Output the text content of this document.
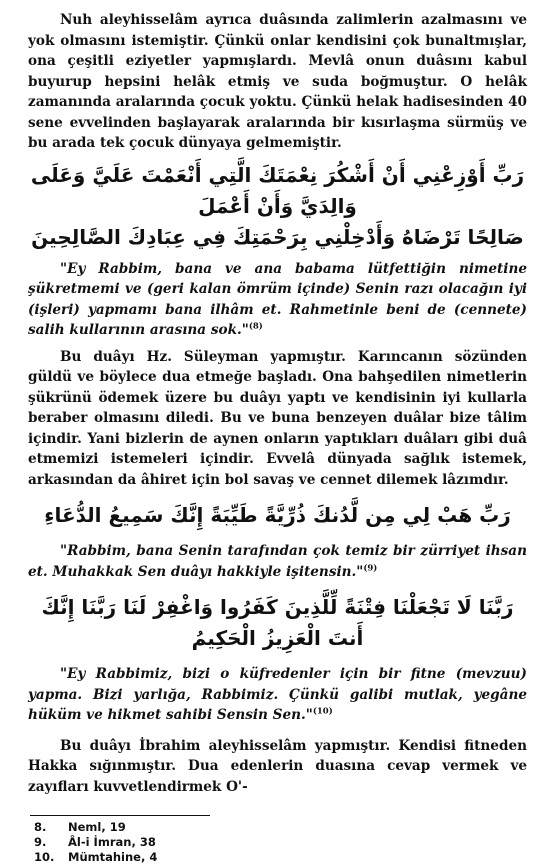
Nuh aleyhisselâm ayrıca duâsında zalimlerin azalmasını ve yok olmasını istemiştir. Çünkü onlar kendisini çok bunaltmışlar, ona çeşitli eziyetler yapmışlardı. Mevlâ onun duâsını kabul buyurup hepsini helâk etmiş ve suda boğmuştur. O helâk zamanında aralarında çocuk yoktu. Çünkü helak hadisesinden 40 sene evvelinden başlayarak aralarında bir kısırlaşma sürmüş ve bu arada tek çocuk dünyaya gelmemiştir.

رَبِّ أَوْزِعْنِي أَنْ أَشْكُرَ نِعْمَتَكَ الَّتِي أَنْعَمْتَ عَلَيَّ وَعَلَى وَالِدَيَّ وَأَنْ أَعْمَلَ

صَالِحًا تَرْضَاهُ وَأَدْخِلْنِي بِرَحْمَتِكَ فِي عِبَادِكَ الصَّالِحِينَ

"Ey Rabbim, bana ve ana babama lütfettiğin nimetine şükretmemi ve (geri kalan ömrüm içinde) Senin razı olacağın iyi (işleri) yapmamı bana ilhâm et. Rahmetinle beni de (cennete) salih kullarının arasına sok."$^{(8)}$

Bu duâyı Hz. Süleyman yapmıştır. Karıncanın sözünden güldü ve böylece dua etmeğe başladı. Ona bahşedilen nimetlerin şükrünü ödemek üzere bu duâyı yaptı ve kendisinin iyi kullarla beraber olmasını diledi. Bu ve buna benzeyen duâlar bize tâlim içindir. Yani bizlerin de aynen onların yaptıkları duâları gibi duâ etmemizi istemeleri içindir. Evvelâ dünyada sağlık istemek, arkasından da âhiret için bol savaş ve cennet dilemek lâzımdır.

رَبِّ هَبْ لِي مِن لَّدُنكَ ذُرِّيَّةً طَيِّبَةً إِنَّكَ سَمِيعُ الدُّعَاءِ

"Rabbim, bana Senin tarafından çok temiz bir zürriyet ihsan et. Muhakkak Sen duâyı hakkiyle işitensin."$^{(9)}$

رَبَّنَا لَا تَجْعَلْنَا فِتْنَةً لِّلَّذِينَ كَفَرُوا وَاغْفِرْ لَنَا رَبَّنَا إِنَّكَ أَنتَ الْعَزِيزُ الْحَكِيمُ

"Ey Rabbimiz, bizi o küfredenler için bir fitne (mevzuu) yapma. Bizi yarlığa, Rabbimiz. Çünkü galibi mutlak, yegâne hüküm ve hikmet sahibi Sensin Sen."$^{(10)}$

Bu duâyı İbrahim aleyhisselâm yapmıştır. Kendisi fitneden Hakka sığınmıştır. Dua edenlerin duasına cevap vermek ve zayıfları kuvvetlendirmek O'-

8.	Neml, 19
9.	Âl-i İmran, 38
10.	Mümtahine, 4
